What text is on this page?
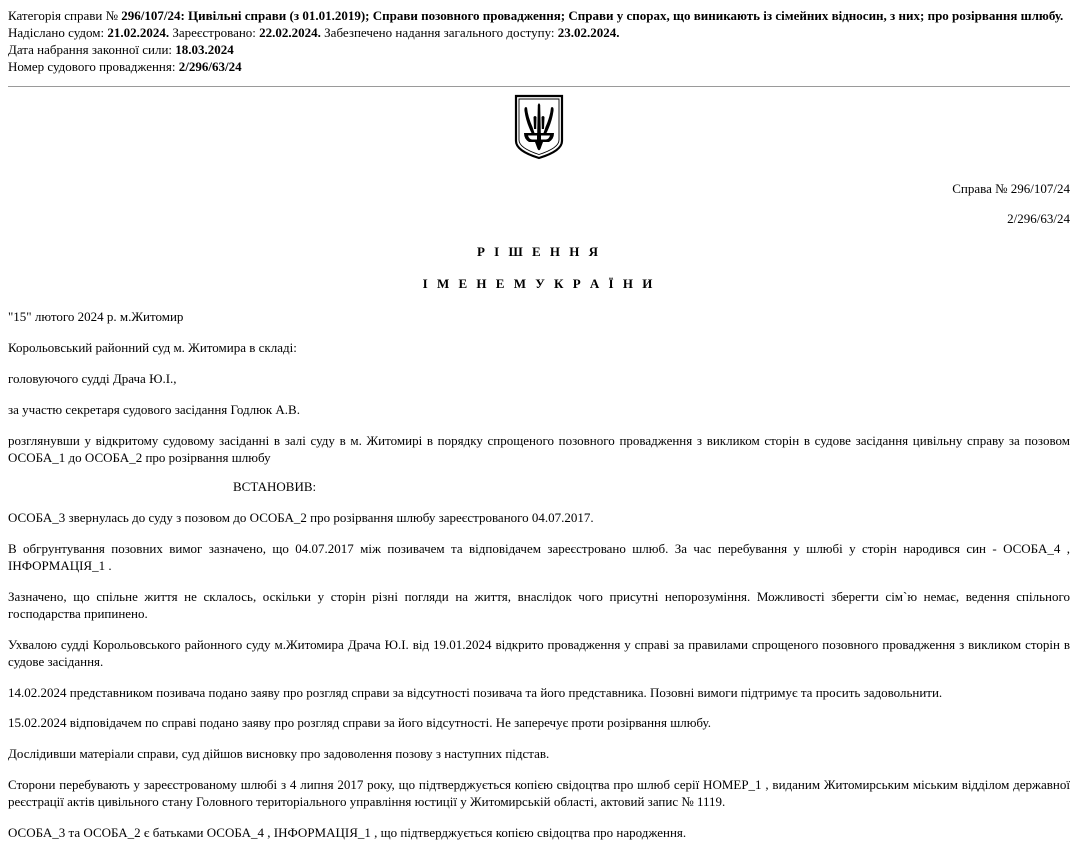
Категорія справи № 296/107/24: Цивільні справи (з 01.01.2019); Справи позовного провадження; Справи у спорах, що виникають із сімейних відносин, з них; про розірвання шлюбу.

Надіслано судом: 21.02.2024. Зареєстровано: 22.02.2024. Забезпечено надання загального доступу: 23.02.2024.

Дата набрання законної сили: 18.03.2024

Номер судового провадження: 2/296/63/24

Справа № 296/107/24

2/296/63/24

Р І Ш Е Н Н Я

І М Е Н Е М У К Р А Ї Н И

"15" лютого 2024 р. м.Житомир

Корольовський районний суд м. Житомира в складі:

головуючого судді Драча Ю.І.,

за участю секретаря судового засідання Годлюк А.В.

розглянувши у відкритому судовому засіданні в залі суду в м. Житомирі в порядку спрощеного позовного провадження з викликом сторін в судове засідання цивільну справу за позовом ОСОБА_1 до ОСОБА_2 про розірвання шлюбу

ВСТАНОВИВ:

ОСОБА_3 звернулась до суду з позовом до ОСОБА_2 про розірвання шлюбу зареєстрованого 04.07.2017.

В обгрунтування позовних вимог зазначено, що 04.07.2017 між позивачем та відповідачем зареєстровано шлюб. За час перебування у шлюбі у сторін народився син - ОСОБА_4 , ІНФОРМАЦІЯ_1 .

Зазначено, що спільне життя не склалось, оскільки у сторін різні погляди на життя, внаслідок чого присутні непорозуміння. Можливості зберегти сім`ю немає, ведення спільного господарства припинено.

Ухвалою судді Корольовського районного суду м.Житомира Драча Ю.І. від 19.01.2024 відкрито провадження у справі за правилами спрощеного позовного провадження з викликом сторін в судове засідання.

14.02.2024 представником позивача подано заяву про розгляд справи за відсутності позивача та його представника. Позовні вимоги підтримує та просить задовольнити.

15.02.2024 відповідачем по справі подано заяву про розгляд справи за його відсутності. Не заперечує проти розірвання шлюбу.

Дослідивши матеріали справи, суд дійшов висновку про задоволення позову з наступних підстав.

Сторони перебувають у зареєстрованому шлюбі з 4 липня 2017 року, що підтверджується копією свідоцтва про шлюб серії НОМЕР_1 , виданим Житомирським міським відділом державної реєстрації актів цивільного стану Головного територіального управління юстиції у Житомирській області, актовий запис № 1119.

ОСОБА_3 та ОСОБА_2 є батьками ОСОБА_4 , ІНФОРМАЦІЯ_1 , що підтверджується копією свідоцтва про народження.
